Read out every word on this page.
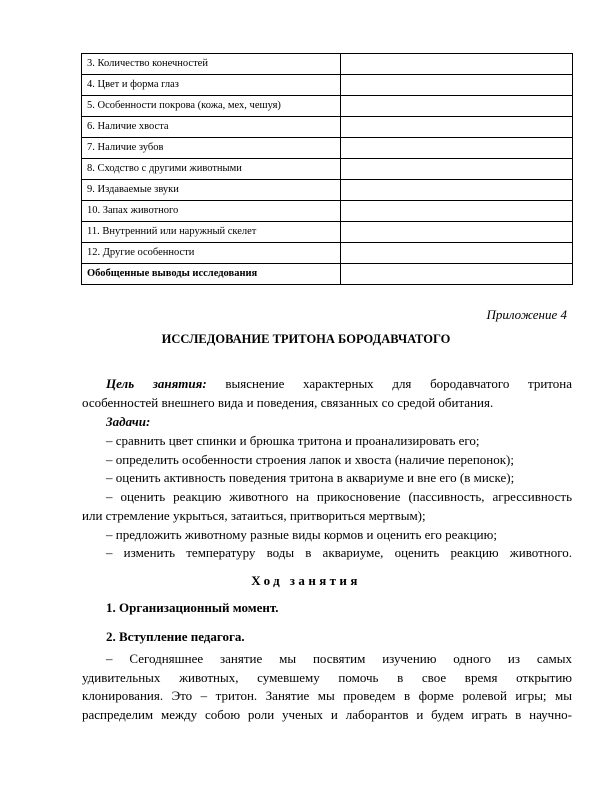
3. Количество конечностей	
4. Цвет и форма глаз	
5. Особенности покрова (кожа, мех, чешуя)	
6. Наличие хвоста	
7. Наличие зубов	
8. Сходство с другими животными	
9. Издаваемые звуки	
10. Запах животного	
11. Внутренний или наружный скелет	
12. Другие особенности	
Обобщенные выводы исследования	
Приложение 4
ИССЛЕДОВАНИЕ ТРИТОНА БОРОДАВЧАТОГО
Цель занятия: выяснение характерных для бородавчатого тритона
особенностей внешнего вида и поведения, связанных со средой обитания.
Задачи:
– сравнить цвет спинки и брюшка тритона и проанализировать его;
– определить особенности строения лапок и хвоста (наличие перепонок);
– оценить активность поведения тритона в аквариуме и вне его (в миске);
– оценить реакцию животного на прикосновение (пассивность, агрессивность
или стремление укрыться, затаиться, притвориться мертвым);
– предложить животному разные виды кормов и оценить его реакцию;
– изменить температуру воды в аквариуме, оценить реакцию животного.
Ход занятия
1. Организационный момент.
2. Вступление педагога.
– Сегодняшнее занятие мы посвятим изучению одного из самых
удивительных животных, сумевшему помочь в свое время открытию
клонирования. Это – тритон. Занятие мы проведем в форме ролевой игры; мы
распределим между собою роли ученых и лаборантов и будем играть в научно-
